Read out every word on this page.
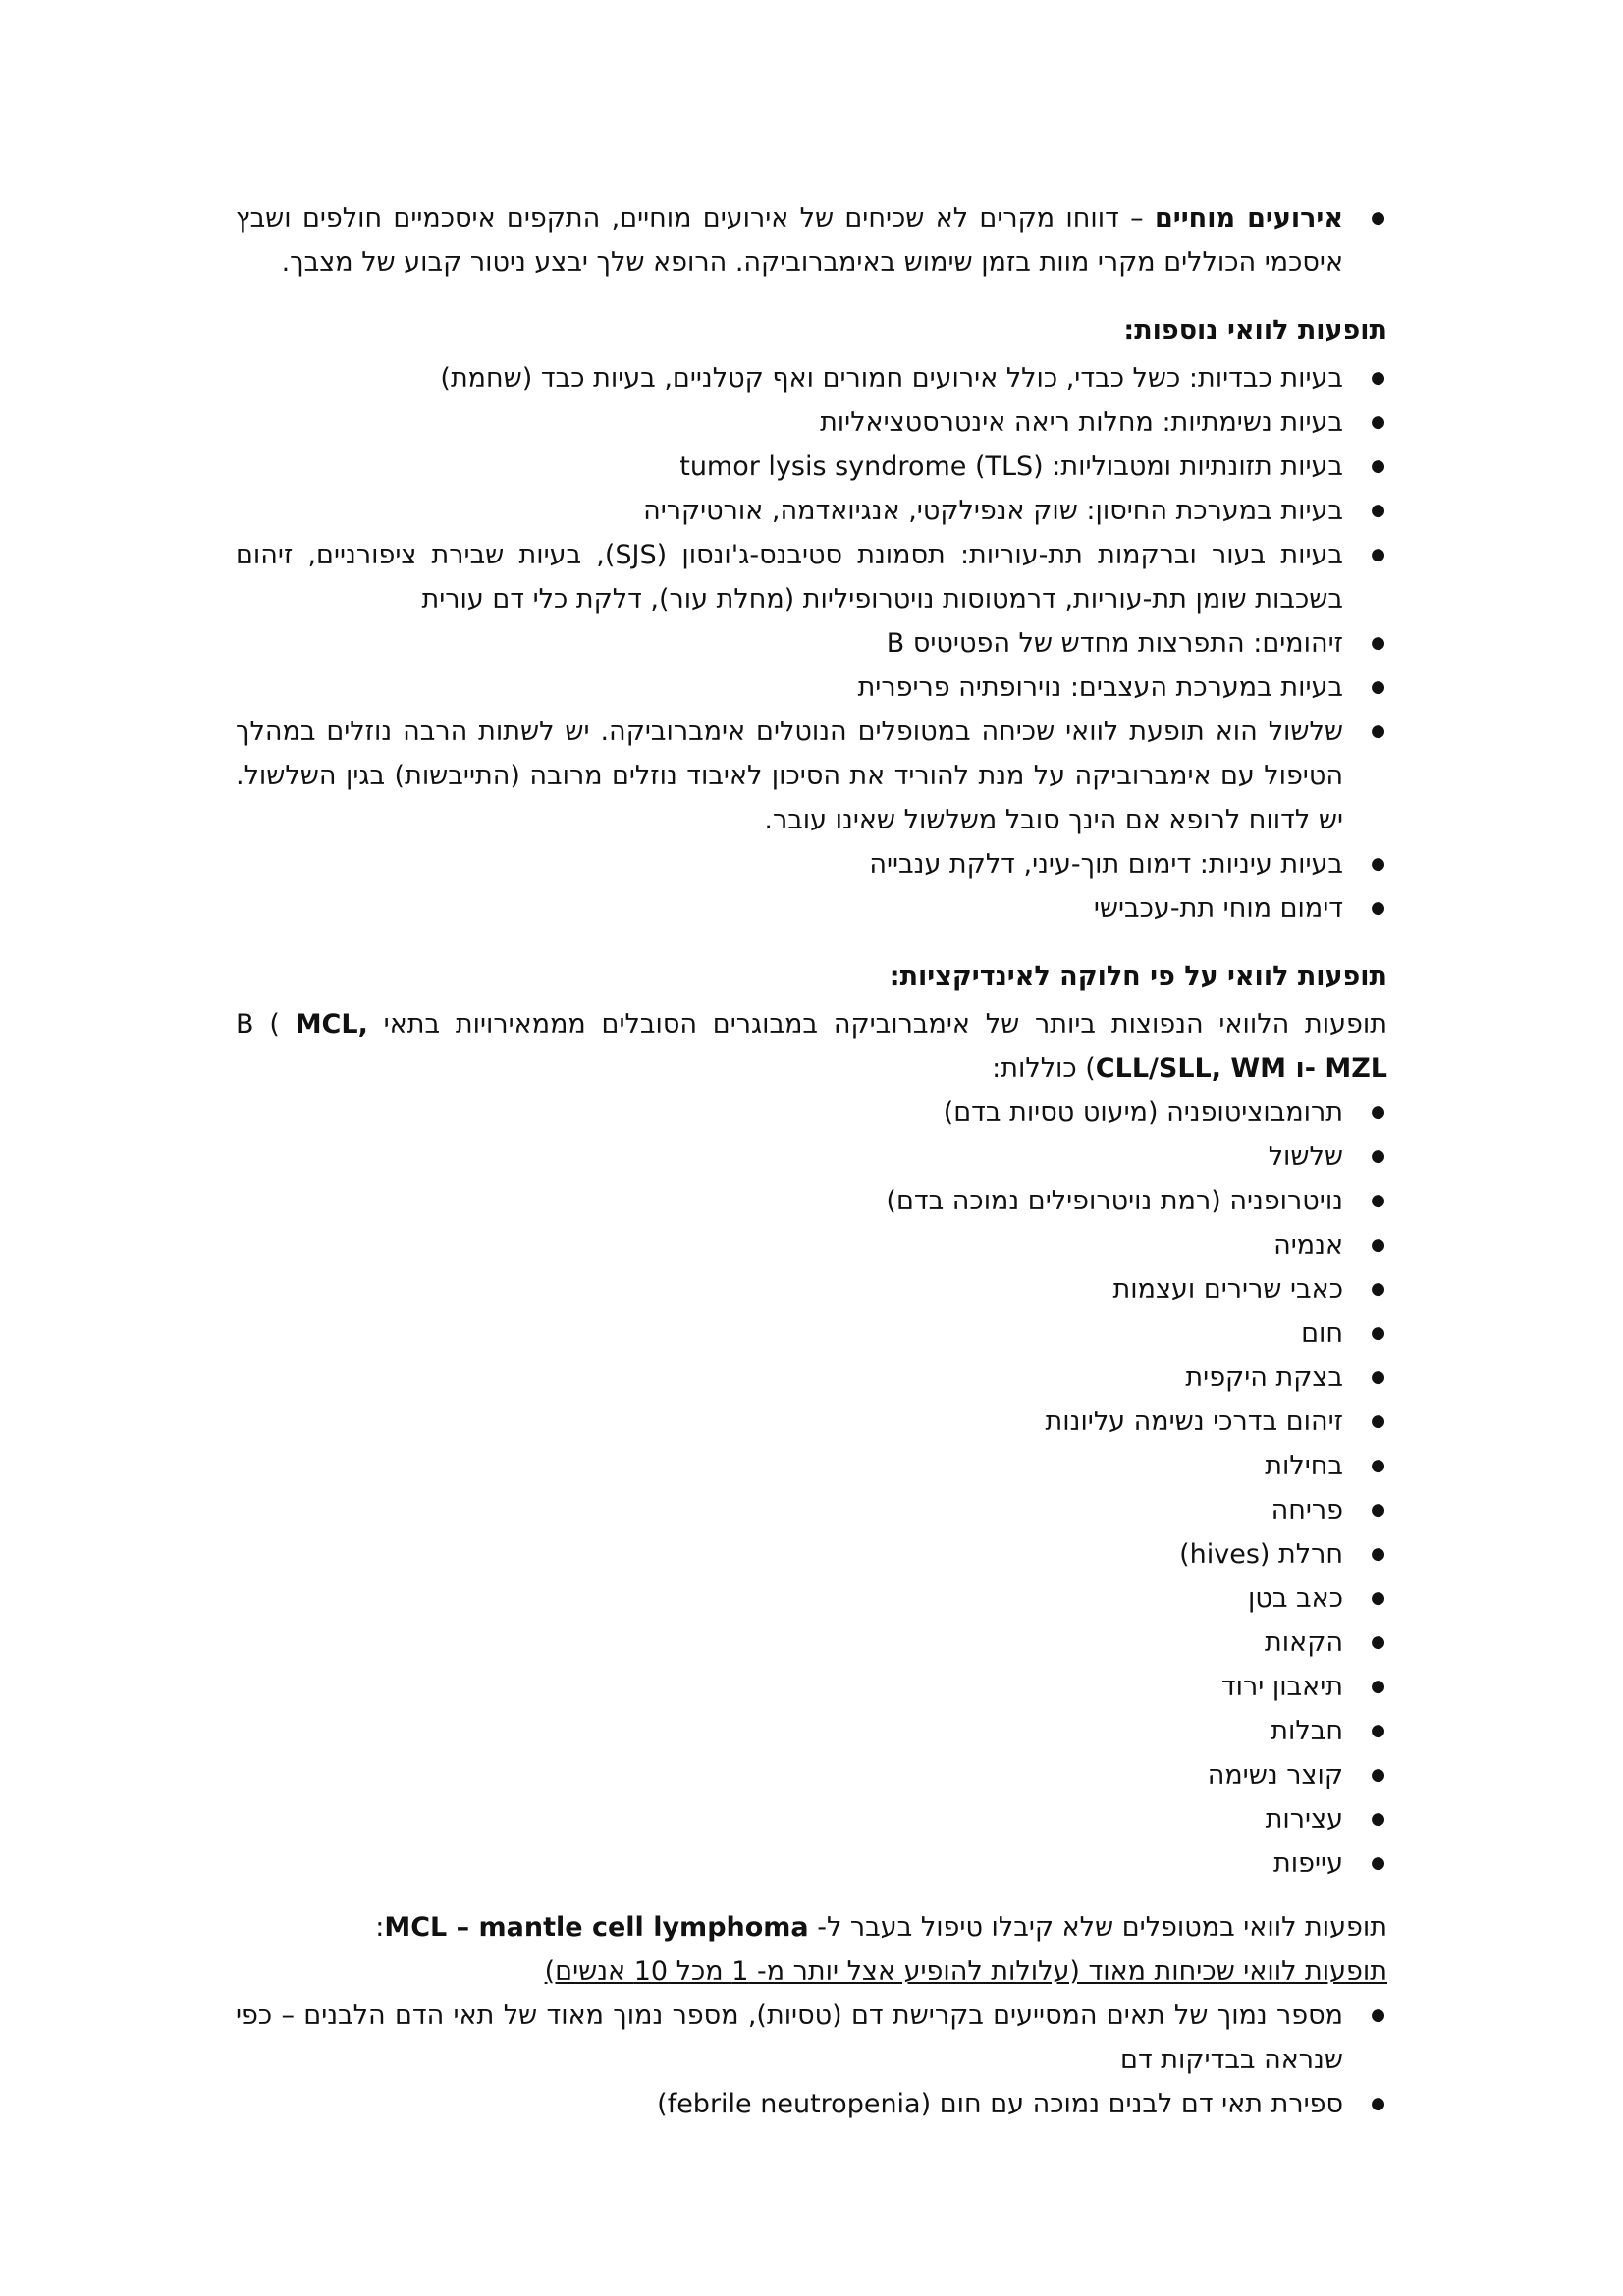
● אירועים מוחיים – דווחו מקרים לא שכיחים של אירועים מוחיים, התקפים איסכמיים חולפים ושבץ איסכמי הכוללים מקרי מוות בזמן שימוש באימברוביקה. הרופא שלך יבצע ניטור קבוע של מצבך.
תופעות לוואי נוספות:
● בעיות כבדיות: כשל כבדי, כולל אירועים חמורים ואף קטלניים, בעיות כבד (שחמת)
● בעיות נשימתיות: מחלות ריאה אינטרסטציאליות
● בעיות תזונתיות ומטבוליות: tumor lysis syndrome (TLS)
● בעיות במערכת החיסון: שוק אנפילקטי, אנגיואדמה, אורטיקריה
● בעיות בעור וברקמות תת-עוריות: תסמונת סטיבנס-ג'ונסון (SJS), בעיות שבירת ציפורניים, זיהום בשכבות שומן תת-עוריות, דרמטוסות נויטרופיליות (מחלת עור), דלקת כלי דם עורית
● זיהומים: התפרצות מחדש של הפטיטיס B
● בעיות במערכת העצבים: נוירופתיה פריפרית
● שלשול הוא תופעת לוואי שכיחה במטופלים הנוטלים אימברוביקה. יש לשתות הרבה נוזלים במהלך הטיפול עם אימברוביקה על מנת להוריד את הסיכון לאיבוד נוזלים מרובה (התייבשות) בגין השלשול. יש לדווח לרופא אם הינך סובל משלשול שאינו עובר.
● בעיות עיניות: דימום תוך-עיני, דלקת ענבייה
● דימום מוחי תת-עכבישי
תופעות לוואי על פי חלוקה לאינדיקציות:
תופעות הלוואי הנפוצות ביותר של אימברוביקה במבוגרים הסובלים מממאירויות בתאי B ( MCL, CLL/SLL, WM ו- MZL) כוללות:
● תרומבוציטופניה (מיעוט טסיות בדם)
● שלשול
● נויטרופניה (רמת נויטרופילים נמוכה בדם)
● אנמיה
● כאבי שרירים ועצמות
● חום
● בצקת היקפית
● זיהום בדרכי נשימה עליונות
● בחילות
● פריחה
● חרלת (hives)
● כאב בטן
● הקאות
● תיאבון ירוד
● חבלות
● קוצר נשימה
● עצירות
● עייפות
תופעות לוואי במטופלים שלא קיבלו טיפול בעבר ל- MCL – mantle cell lymphoma:
תופעות לוואי שכיחות מאוד (עלולות להופיע אצל יותר מ- 1 מכל 10 אנשים)
● מספר נמוך של תאים המסייעים בקרישת דם (טסיות), מספר נמוך מאוד של תאי הדם הלבנים – כפי שנראה בבדיקות דם
● ספירת תאי דם לבנים נמוכה עם חום (febrile neutropenia)
